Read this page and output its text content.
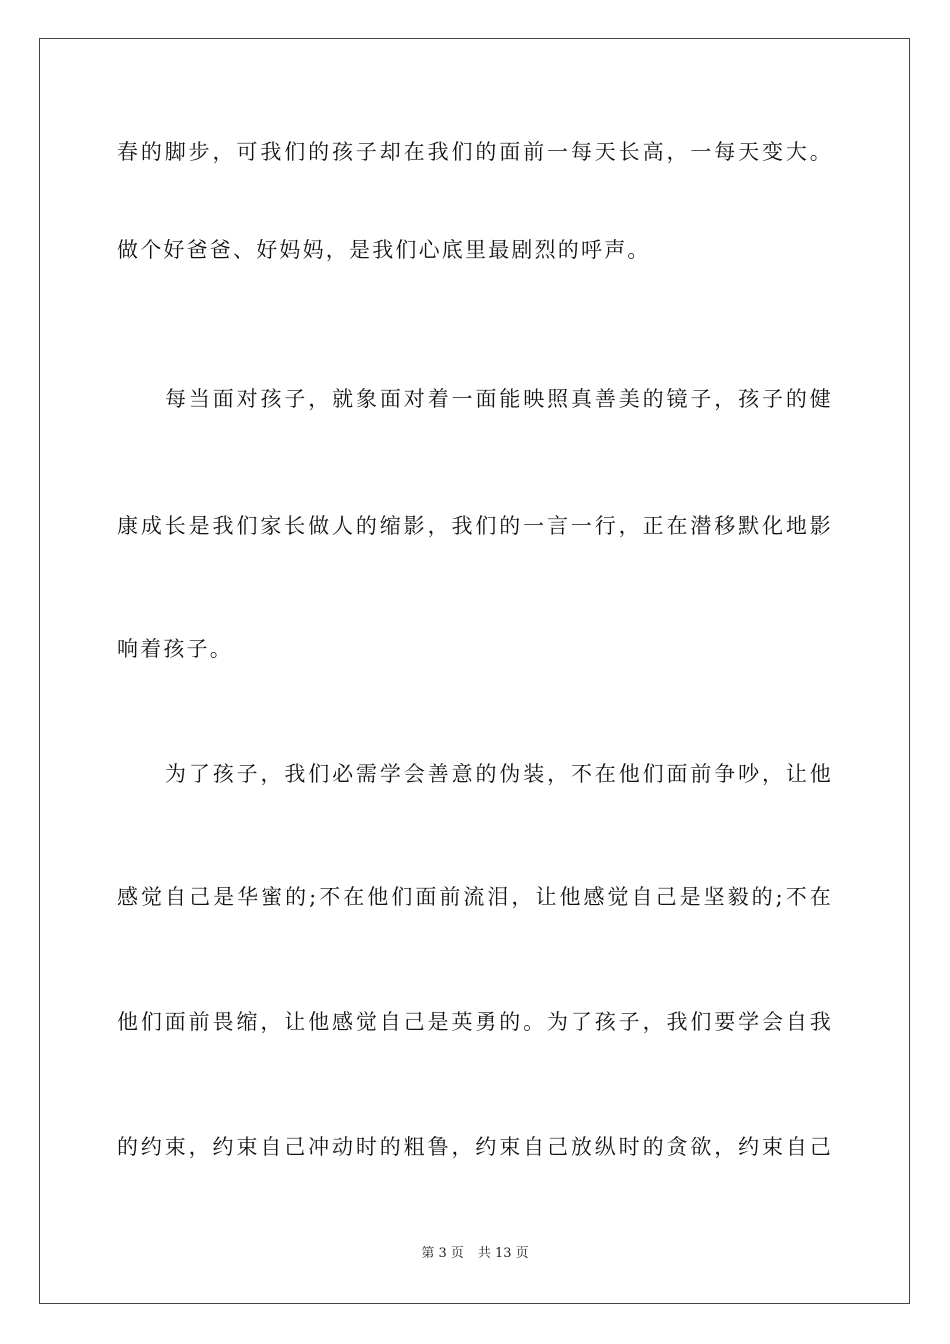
春的脚步，可我们的孩子却在我们的面前一每天长高，一每天变大。
做个好爸爸、好妈妈，是我们心底里最剧烈的呼声。
每当面对孩子，就象面对着一面能映照真善美的镜子，孩子的健
康成长是我们家长做人的缩影，我们的一言一行，正在潜移默化地影
响着孩子。
为了孩子，我们必需学会善意的伪装，不在他们面前争吵，让他
感觉自己是华蜜的;不在他们面前流泪，让他感觉自己是坚毅的;不在
他们面前畏缩，让他感觉自己是英勇的。为了孩子，我们要学会自我
的约束，约束自己冲动时的粗鲁，约束自己放纵时的贪欲，约束自己
第 3 页 共 13 页
